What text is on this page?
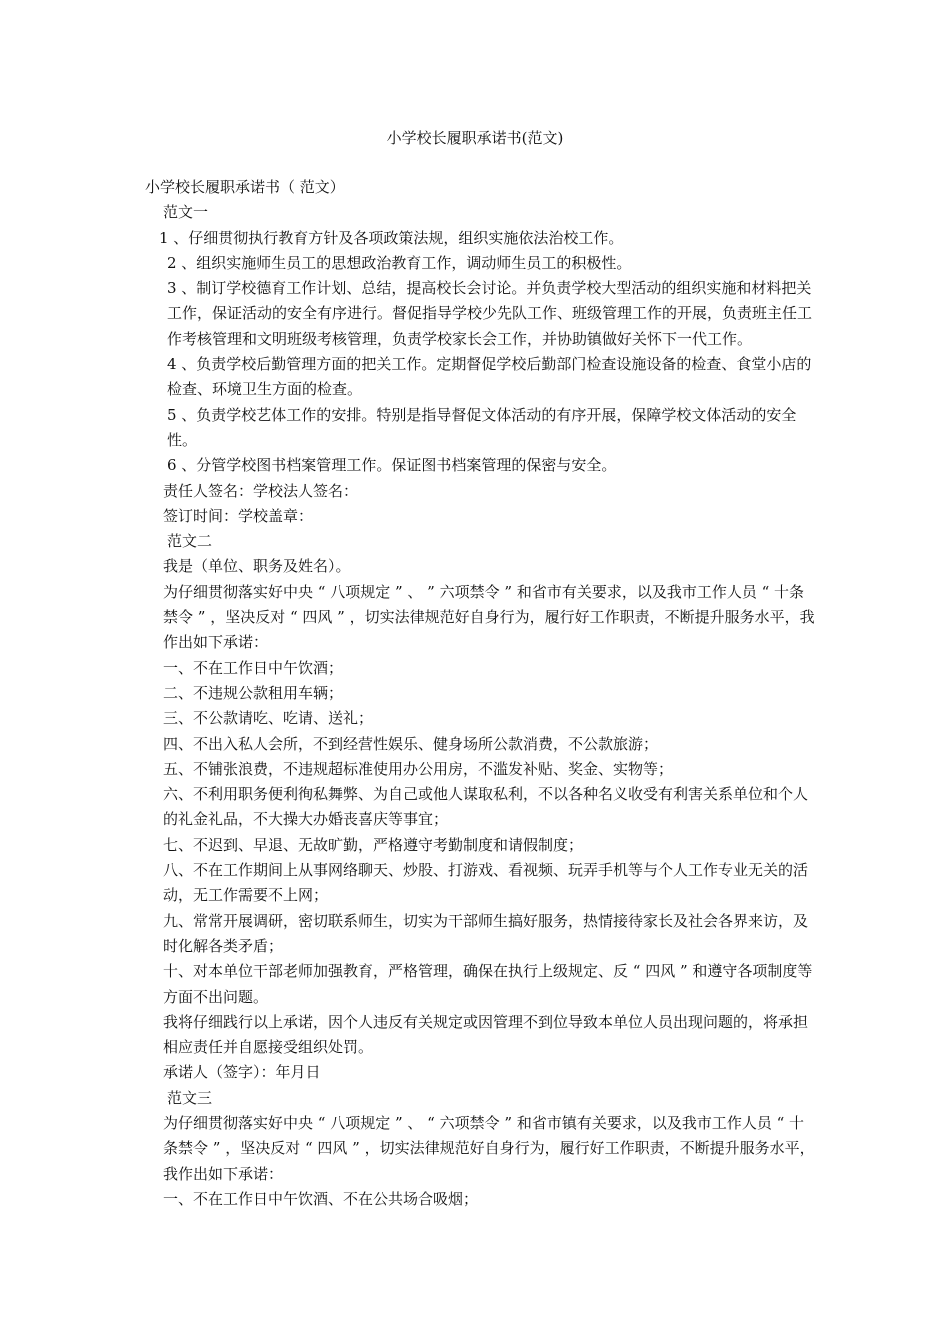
小学校长履职承诺书(范文)

小学校长履职承诺书（ 范文）

范文一

1 、仔细贯彻执行教育方针及各项政策法规，组织实施依法治校工作。

2 、组织实施师生员工的思想政治教育工作，调动师生员工的积极性。

3 、制订学校德育工作计划、总结，提高校长会讨论。并负责学校大型活动的组织实施和材料把关工作，保证活动的安全有序进行。督促指导学校少先队工作、班级管理工作的开展，负责班主任工作考核管理和文明班级考核管理，负责学校家长会工作，并协助镇做好关怀下一代工作。

4 、负责学校后勤管理方面的把关工作。定期督促学校后勤部门检查设施设备的检查、食堂小店的检查、环境卫生方面的检查。

5 、负责学校艺体工作的安排。特别是指导督促文体活动的有序开展，保障学校文体活动的安全性。

6 、分管学校图书档案管理工作。保证图书档案管理的保密与安全。

责任人签名：学校法人签名：

签订时间：学校盖章：

范文二

我是（单位、职务及姓名）。

为仔细贯彻落实好中央 “ 八项规定 ” 、 ” 六项禁令 ” 和省市有关要求，以及我市工作人员 “ 十条禁令 ” ，坚决反对 “ 四风 ” ，切实法律规范好自身行为，履行好工作职责，不断提升服务水平，我作出如下承诺：

一、不在工作日中午饮酒；

二、不违规公款租用车辆；

三、不公款请吃、吃请、送礼；

四、不出入私人会所，不到经营性娱乐、健身场所公款消费，不公款旅游；

五、不铺张浪费，不违规超标准使用办公用房，不滥发补贴、奖金、实物等；

六、不利用职务便利徇私舞弊、为自己或他人谋取私利，不以各种名义收受有利害关系单位和个人的礼金礼品，不大操大办婚丧喜庆等事宜；

七、不迟到、早退、无故旷勤，严格遵守考勤制度和请假制度；

八、不在工作期间上从事网络聊天、炒股、打游戏、看视频、玩弄手机等与个人工作专业无关的活动，无工作需要不上网；

九、常常开展调研，密切联系师生，切实为干部师生搞好服务，热情接待家长及社会各界来访，及时化解各类矛盾；

十、对本单位干部老师加强教育，严格管理，确保在执行上级规定、反 “ 四风 ” 和遵守各项制度等方面不出问题。

我将仔细践行以上承诺，因个人违反有关规定或因管理不到位导致本单位人员出现问题的，将承担相应责任并自愿接受组织处罚。

承诺人（签字）：年月日

范文三

为仔细贯彻落实好中央 “ 八项规定 ” 、 “ 六项禁令 ” 和省市镇有关要求，以及我市工作人员 “ 十条禁令 ” ，坚决反对 “ 四风 ” ，切实法律规范好自身行为，履行好工作职责，不断提升服务水平，我作出如下承诺：

一、不在工作日中午饮酒、不在公共场合吸烟；
